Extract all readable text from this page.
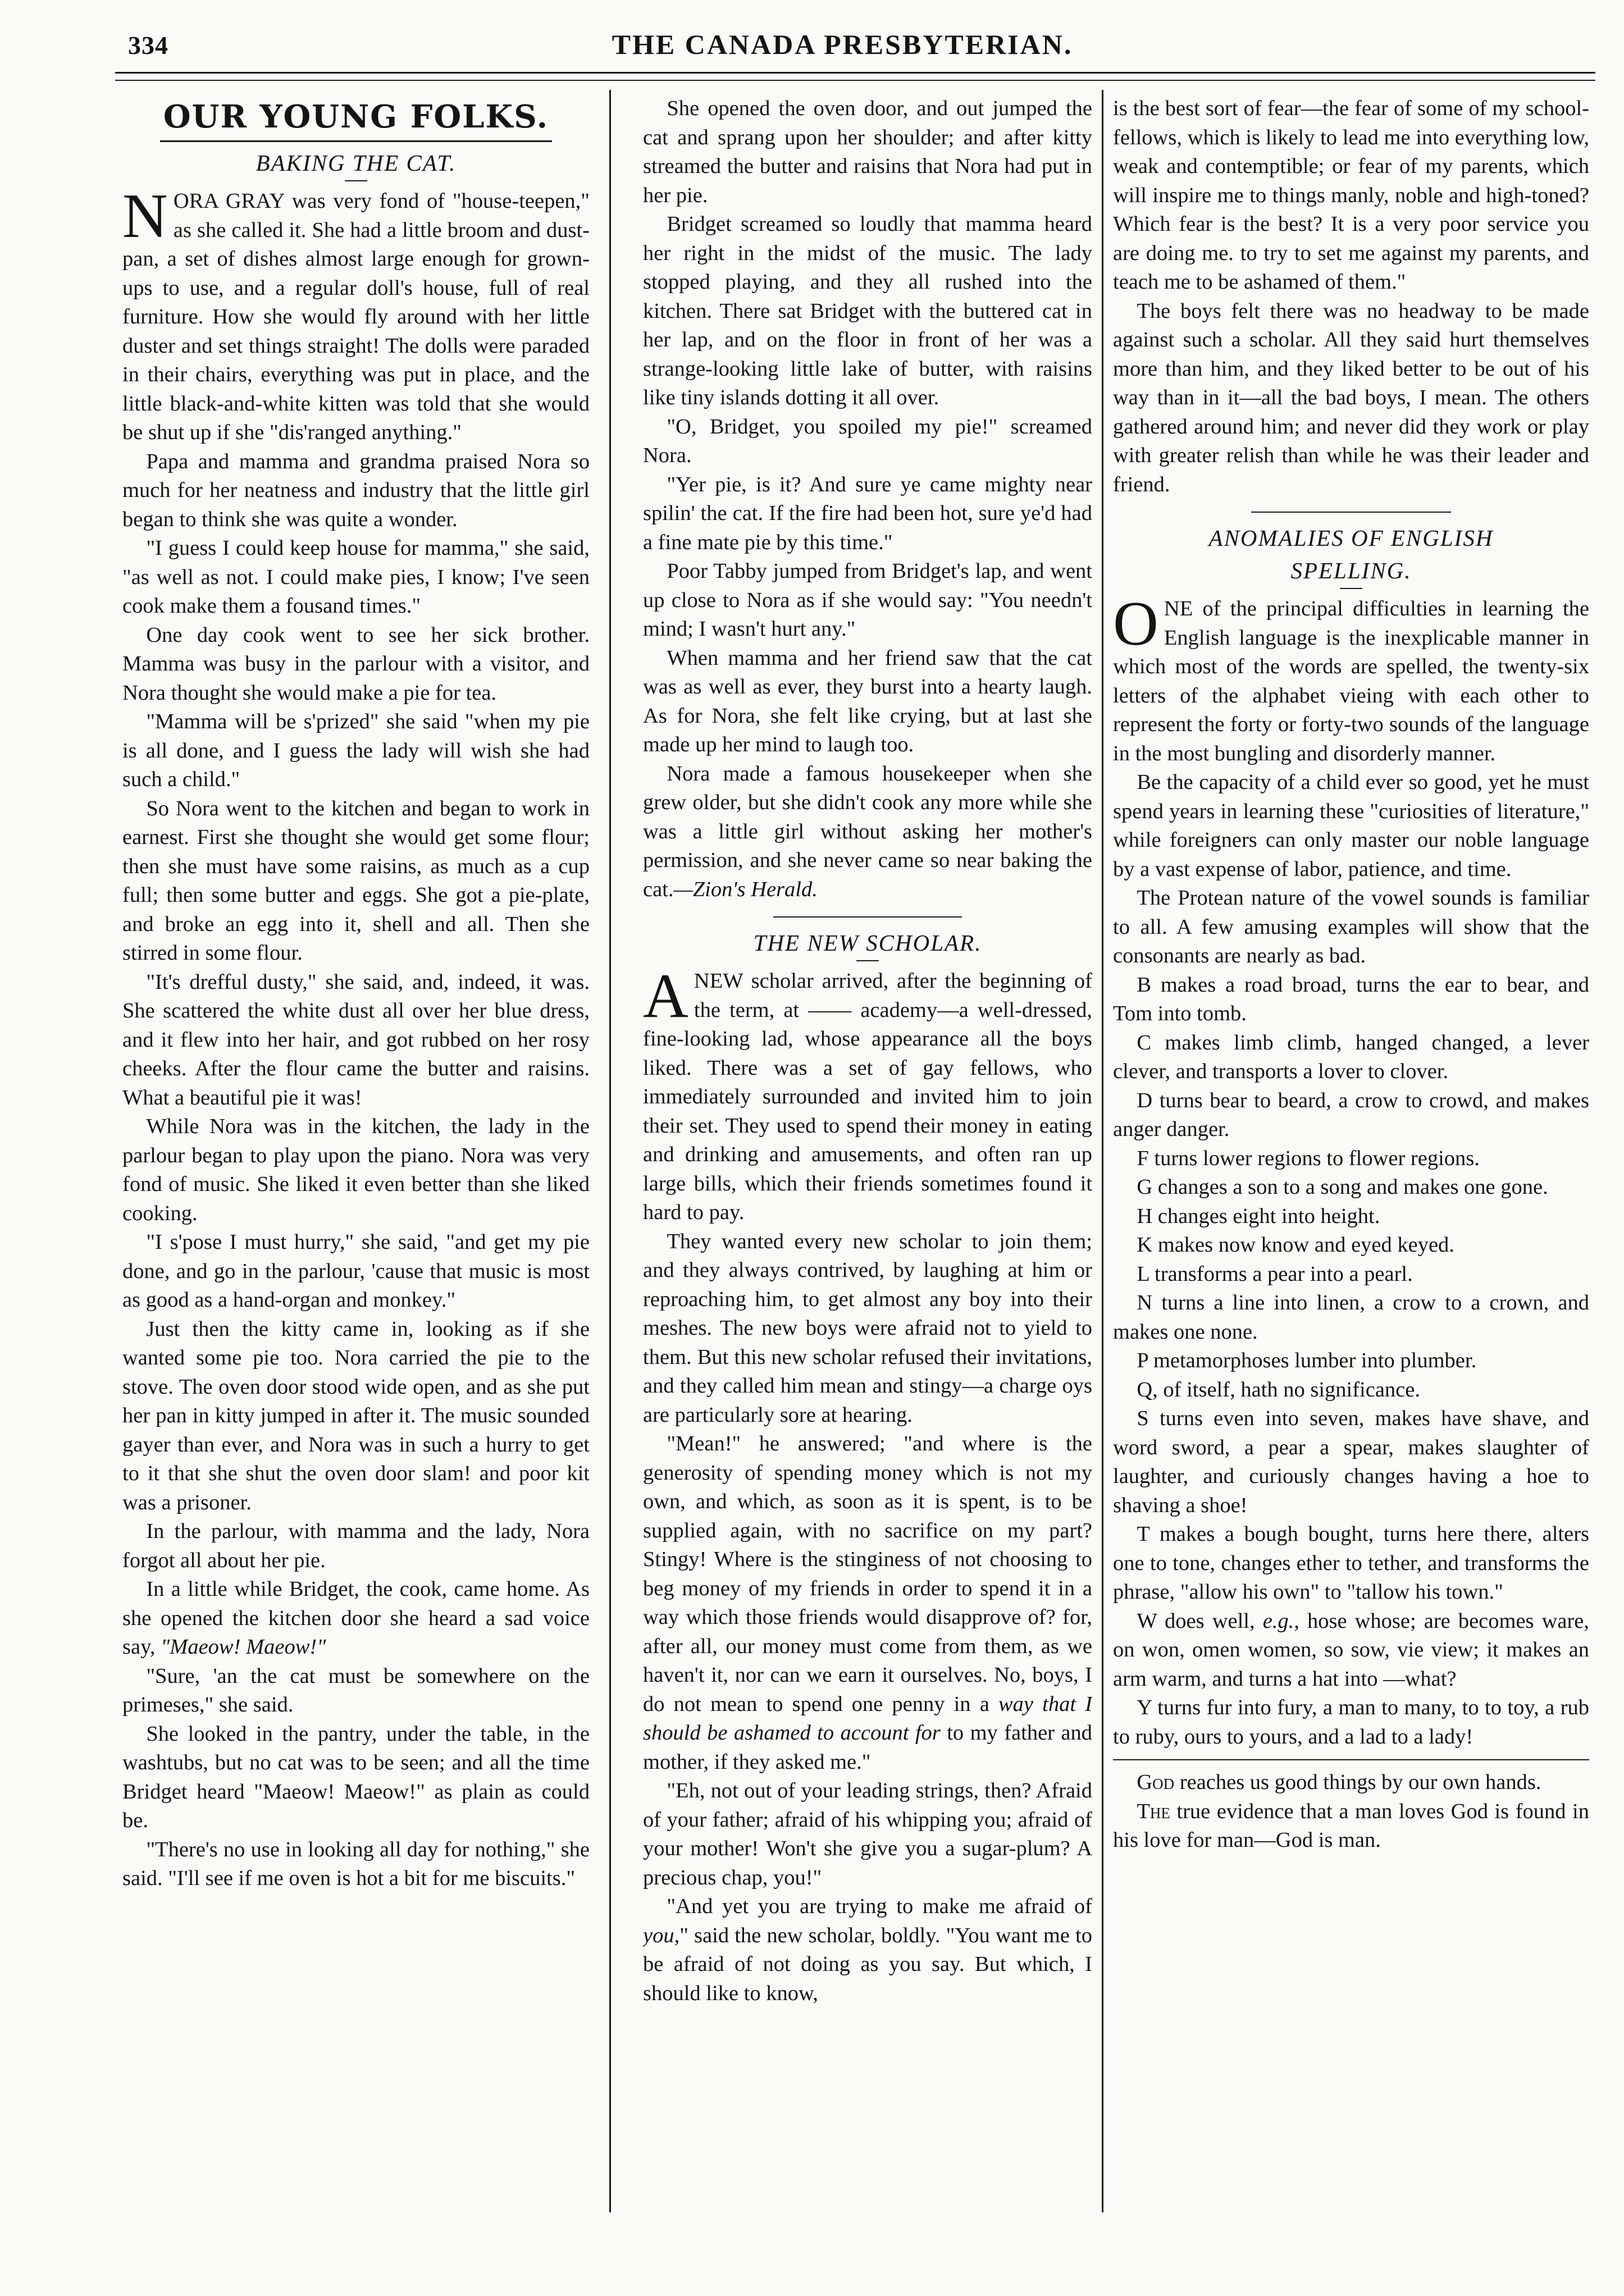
334	THE CANADA PRESBYTERIAN.
OUR YOUNG FOLKS.
BAKING THE CAT.

NORA GRAY was very fond of "house-teepen," as she called it. She had a little broom and dust-pan, a set of dishes almost large enough for grown-ups to use, and a regular doll's house, full of real furniture. How she would fly around with her little duster and set things straight! The dolls were paraded in their chairs, everything was put in place, and the little black-and-white kitten was told that she would be shut up if she "dis'ranged anything."

Papa and mamma and grandma praised Nora so much for her neatness and industry that the little girl began to think she was quite a wonder.

"I guess I could keep house for mamma," she said, "as well as not. I could make pies, I know; I've seen cook make them a fousand times."

One day cook went to see her sick brother. Mamma was busy in the parlour with a visitor, and Nora thought she would make a pie for tea.

"Mamma will be s'prized" she said "when my pie is all done, and I guess the lady will wish she had such a child."

So Nora went to the kitchen and began to work in earnest. First she thought she would get some flour; then she must have some raisins, as much as a cup full; then some butter and eggs. She got a pie-plate, and broke an egg into it, shell and all. Then she stirred in some flour.

"It's drefful dusty," she said, and, indeed, it was. She scattered the white dust all over her blue dress, and it flew into her hair, and got rubbed on her rosy cheeks. After the flour came the butter and raisins. What a beautiful pie it was!

While Nora was in the kitchen, the lady in the parlour began to play upon the piano. Nora was very fond of music. She liked it even better than she liked cooking.

"I s'pose I must hurry," she said, "and get my pie done, and go in the parlour, 'cause that music is most as good as a hand-organ and monkey."

Just then the kitty came in, looking as if she wanted some pie too. Nora carried the pie to the stove. The oven door stood wide open, and as she put her pan in kitty jumped in after it. The music sounded gayer than ever, and Nora was in such a hurry to get to it that she shut the oven door slam! and poor kit was a prisoner.

In the parlour, with mamma and the lady, Nora forgot all about her pie.

In a little while Bridget, the cook, came home. As she opened the kitchen door she heard a sad voice say, "Maeow! Maeow!"

"Sure, 'an the cat must be somewhere on the primeses," she said.

She looked in the pantry, under the table, in the washtubs, but no cat was to be seen; and all the time Bridget heard "Maeow! Maeow!" as plain as could be.

"There's no use in looking all day for nothing," she said. "I'll see if me oven is hot a bit for me biscuits."

She opened the oven door, and out jumped the cat and sprang upon her shoulder; and after kitty streamed the butter and raisins that Nora had put in her pie.

Bridget screamed so loudly that mamma heard her right in the midst of the music. The lady stopped playing, and they all rushed into the kitchen. There sat Bridget with the buttered cat in her lap, and on the floor in front of her was a strange-looking little lake of butter, with raisins like tiny islands dotting it all over.

"O, Bridget, you spoiled my pie!" screamed Nora.

"Yer pie, is it? And sure ye came mighty near spilin' the cat. If the fire had been hot, sure ye'd had a fine mate pie by this time."

Poor Tabby jumped from Bridget's lap, and went up close to Nora as if she would say: "You needn't mind; I wasn't hurt any."

When mamma and her friend saw that the cat was as well as ever, they burst into a hearty laugh. As for Nora, she felt like crying, but at last she made up her mind to laugh too.

Nora made a famous housekeeper when she grew older, but she didn't cook any more while she was a little girl without asking her mother's permission, and she never came so near baking the cat.—Zion's Herald.

THE NEW SCHOLAR.

ANEW scholar arrived, after the beginning of the term, at —— academy—a well-dressed, fine-looking lad, whose appearance all the boys liked. There was a set of gay fellows, who immediately surrounded and invited him to join their set. They used to spend their money in eating and drinking and amusements, and often ran up large bills, which their friends sometimes found it hard to pay.

They wanted every new scholar to join them; and they always contrived, by laughing at him or reproaching him, to get almost any boy into their meshes. The new boys were afraid not to yield to them. But this new scholar refused their invitations, and they called him mean and stingy—a charge oys are particularly sore at hearing.

"Mean!" he answered; "and where is the generosity of spending money which is not my own, and which, as soon as it is spent, is to be supplied again, with no sacrifice on my part? Stingy! Where is the stinginess of not choosing to beg money of my friends in order to spend it in a way which those friends would disapprove of? for, after all, our money must come from them, as we haven't it, nor can we earn it ourselves. No, boys, I do not mean to spend one penny in a way that I should be ashamed to account for to my father and mother, if they asked me."

"Eh, not out of your leading strings, then? Afraid of your father; afraid of his whipping you; afraid of your mother! Won't she give you a sugar-plum? A precious chap, you!"

"And yet you are trying to make me afraid of you," said the new scholar, boldly. "You want me to be afraid of not doing as you say. But which, I should like to know,

is the best sort of fear—the fear of some of my school-fellows, which is likely to lead me into everything low, weak and contemptible; or fear of my parents, which will inspire me to things manly, noble and high-toned? Which fear is the best? It is a very poor service you are doing me. to try to set me against my parents, and teach me to be ashamed of them."

The boys felt there was no headway to be made against such a scholar. All they said hurt themselves more than him, and they liked better to be out of his way than in it—all the bad boys, I mean. The others gathered around him; and never did they work or play with greater relish than while he was their leader and friend.

ANOMALIES OF ENGLISH
SPELLING.

ONE of the principal difficulties in learning the English language is the inexplicable manner in which most of the words are spelled, the twenty-six letters of the alphabet vieing with each other to represent the forty or forty-two sounds of the language in the most bungling and disorderly manner.

Be the capacity of a child ever so good, yet he must spend years in learning these "curiosities of literature," while foreigners can only master our noble language by a vast expense of labor, patience, and time.

The Protean nature of the vowel sounds is familiar to all. A few amusing examples will show that the consonants are nearly as bad.

B makes a road broad, turns the ear to bear, and Tom into tomb.

C makes limb climb, hanged changed, a lever clever, and transports a lover to clover.

D turns bear to beard, a crow to crowd, and makes anger danger.

F turns lower regions to flower regions.

G changes a son to a song and makes one gone.

H changes eight into height.

K makes now know and eyed keyed.

L transforms a pear into a pearl.

N turns a line into linen, a crow to a crown, and makes one none.

P metamorphoses lumber into plumber.

Q, of itself, hath no significance.

S turns even into seven, makes have shave, and word sword, a pear a spear, makes slaughter of laughter, and curiously changes having a hoe to shaving a shoe!

T makes a bough bought, turns here there, alters one to tone, changes ether to tether, and transforms the phrase, "allow his own" to "tallow his town."

W does well, e.g., hose whose; are becomes ware, on won, omen women, so sow, vie view; it makes an arm warm, and turns a hat into —what?

Y turns fur into fury, a man to many, to to toy, a rub to ruby, ours to yours, and a lad to a lady!

God reaches us good things by our own hands.

The true evidence that a man loves God is found in his love for man—God is man.
